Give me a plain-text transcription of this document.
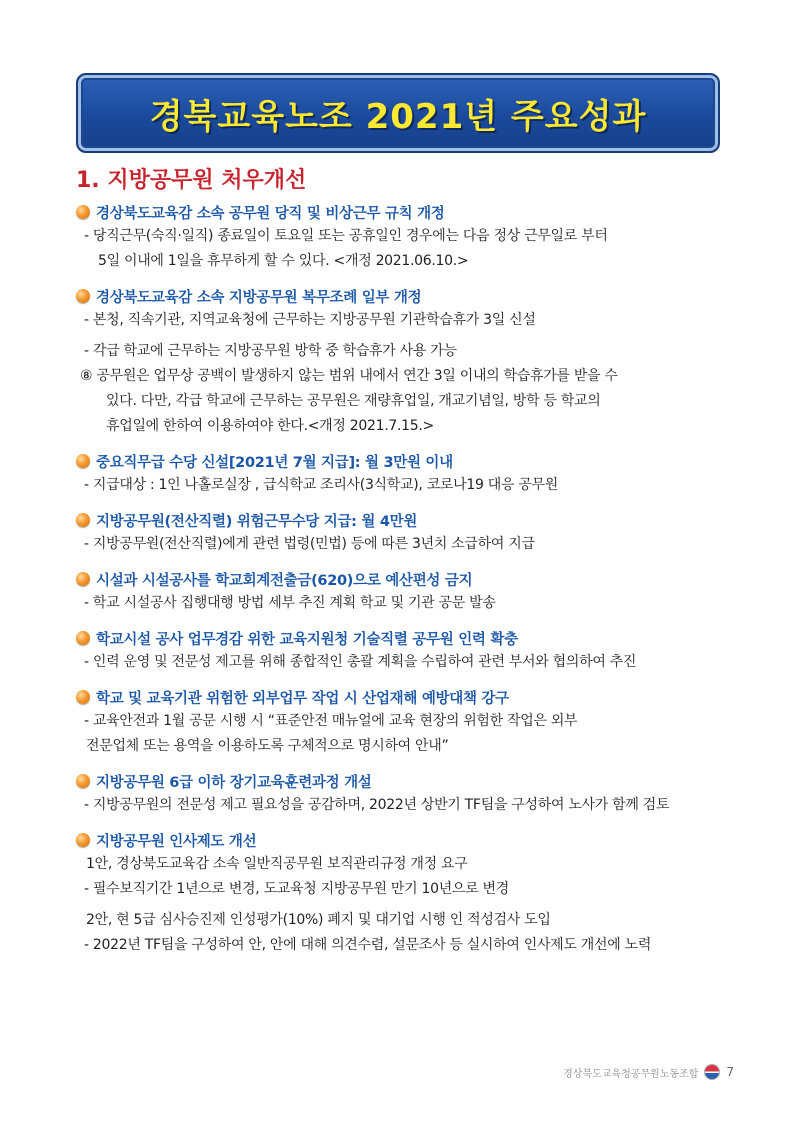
경북교육노조 2021년 주요성과
1. 지방공무원 처우개선
경상북도교육감 소속 공무원 당직 및 비상근무 규칙 개정
- 당직근무(숙직·일직) 종료일이 토요일 또는 공휴일인 경우에는 다음 정상 근무일로 부터
5일 이내에 1일을 휴무하게 할 수 있다. <개정 2021.06.10.>
경상북도교육감 소속 지방공무원 복무조례 일부 개정
- 본청, 직속기관, 지역교육청에 근무하는 지방공무원 기관학습휴가 3일 신설
- 각급 학교에 근무하는 지방공무원 방학 중 학습휴가 사용 가능
⑧ 공무원은 업무상 공백이 발생하지 않는 범위 내에서 연간 3일 이내의 학습휴가를 받을 수
있다. 다만, 각급 학교에 근무하는 공무원은 재량휴업일, 개교기념일, 방학 등 학교의
휴업일에 한하여 이용하여야 한다.<개정 2021.7.15.>
중요직무급 수당 신설[2021년 7월 지급]: 월 3만원 이내
- 지급대상 : 1인 나홀로실장 , 급식학교 조리사(3식학교), 코로나19 대응 공무원
지방공무원(전산직렬) 위험근무수당 지급: 월 4만원
- 지방공무원(전산직렬)에게 관련 법령(민법) 등에 따른 3년치 소급하여 지급
시설과 시설공사를 학교회계전출금(620)으로 예산편성 금지
- 학교 시설공사 집행대행 방법 세부 추진 계획 학교 및 기관 공문 발송
학교시설 공사 업무경감 위한 교육지원청 기술직렬 공무원 인력 확충
- 인력 운영 및 전문성 제고를 위해 종합적인 총괄 계획을 수립하여 관련 부서와 협의하여 추진
학교 및 교육기관 위험한 외부업무 작업 시 산업재해 예방대책 강구
- 교육안전과 1월 공문 시행 시 “표준안전 매뉴얼에 교육 현장의 위험한 작업은 외부
전문업체 또는 용역을 이용하도록 구체적으로 명시하여 안내”
지방공무원 6급 이하 장기교육훈련과정 개설
- 지방공무원의 전문성 제고 필요성을 공감하며, 2022년 상반기 TF팀을 구성하여 노사가 함께 검토
지방공무원 인사제도 개선
1안, 경상북도교육감 소속 일반직공무원 보직관리규정 개정 요구
- 필수보직기간 1년으로 변경, 도교육청 지방공무원 만기 10년으로 변경
2안, 현 5급 심사승진제 인성평가(10%) 폐지 및 대기업 시행 인 적성검사 도입
- 2022년 TF팀을 구성하여 안, 안에 대해 의견수렴, 설문조사 등 실시하여 인사제도 개선에 노력
경상북도교육청공무원노동조합 7
